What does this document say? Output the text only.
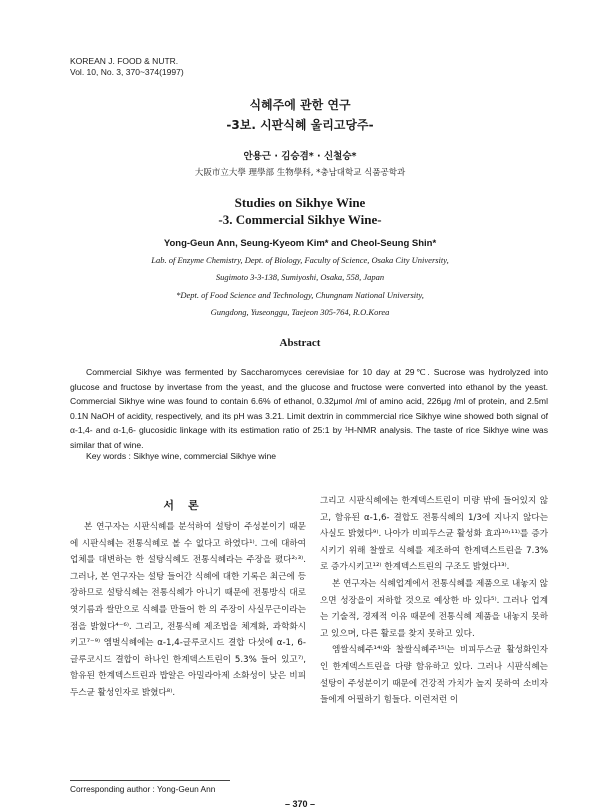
KOREAN J. FOOD & NUTR.
Vol. 10, No. 3, 370~374(1997)
식혜주에 관한 연구
-3보. 시판식혜 울리고당주-
안용근 · 김승겸* · 신철승*
大阪市立大學 理學部 生物學科, *충남대학교 식품공학과
Studies on Sikhye Wine
-3. Commercial Sikhye Wine-
Yong-Geun Ann, Seung-Kyeom Kim* and Cheol-Seung Shin*
Lab. of Enzyme Chemistry, Dept. of Biology, Faculty of Science, Osaka City University,
Sugimoto 3-3-138, Sumiyoshi, Osaka, 558, Japan
*Dept. of Food Science and Technology, Chungnam National University,
Gungdong, Yuseonggu, Taejeon 305-764, R.O.Korea
Abstract
Commercial Sikhye was fermented by Saccharomyces cerevisiae for 10 day at 29℃. Sucrose was hydrolyzed into glucose and fructose by invertase from the yeast, and the glucose and fructose were converted into ethanol by the yeast. Commercial Sikhye wine was found to contain 6.6% of ethanol, 0.32μmol /ml of amino acid, 226μg /ml of protein, and 2.5ml 0.1N NaOH of acidity, respectively, and its pH was 3.21. Limit dextrin in commmercial rice Sikhye wine showed both signal of α-1,4- and α-1,6- glucosidic linkage with its estimation ratio of 25:1 by ¹H-NMR analysis. The taste of rice Sikhye wine was similar that of wine.
Key words : Sikhye wine, commercial Sikhye wine
서론

본 연구자는 시판식혜를 분석하여 설탕이 주성분이기 때문에 시판식혜는 전통식혜로 볼 수 없다고 하였다¹⁾. 그에 대하여 업체를 대변하는 한 설탕식혜도 전통식혜라는 주장을 폈다²˒³⁾. 그러나, 본 연구자는 설탕 들어간 식혜에 대한 기록은 최근에 등장하므로 설탕식혜는 전통식혜가 아니기 때문에 전통방식 대로 엿기름과 쌀만으로 식혜를 만들어 한 의 주장이 사실무근이라는 점을 밝혔다⁴⁻⁶⁾. 그리고, 전통식혜 제조법을 체계화, 과학화시키고⁷⁻⁹⁾ 엠벌식혜에는 α-1,4-글루코시드 결합 다섯에 α-1, 6-글루코시드 결합이 하나인 한계덱스트린이 5.3% 들어 있고⁷⁾, 함유된 한계덱스트린과 밥알은 아밀라아제 소화성이 낮은 비피두스균 활성인자로 밝혔다⁸⁾.

그리고 시판식혜에는 한계덱스트린이 미량 밖에 들어있지 않고, 함유된 α-1,6- 결합도 전통식혜의 1/3에 지나지 않다는 사실도 밝혔다⁹⁾. 나아가 비피두스균 활성화 효과¹⁰˒¹¹⁾를 증가시키기 위해 찰쌀로 식혜를 제조하여 한계덱스트린을 7.3%로 증가시키고¹²⁾ 한계덱스트린의 구조도 밝혔다¹³⁾.

본 연구자는 식혜업계에서 전통식혜를 제품으로 내놓지 않으면 성장을이 저하할 것으로 예상한 바 있다⁵⁾. 그러나 업계는 기술적, 경제적 이유 때문에 전통식혜 제품을 내놓지 못하고 있으며, 다른 활로를 찾지 못하고 있다.

엠쌀식혜주¹⁴⁾와 찰쌀식혜주¹⁵⁾는 비피두스균 활성화인자인 한계덱스트린을 다량 함유하고 있다. 그러나 시판식혜는 설탕이 주성분이기 때문에 건강적 가치가 높지 못하여 소비자들에게 어필하기 힘들다. 이런저런 이

Corresponding author : Yong-Geun Ann
– 370 –
